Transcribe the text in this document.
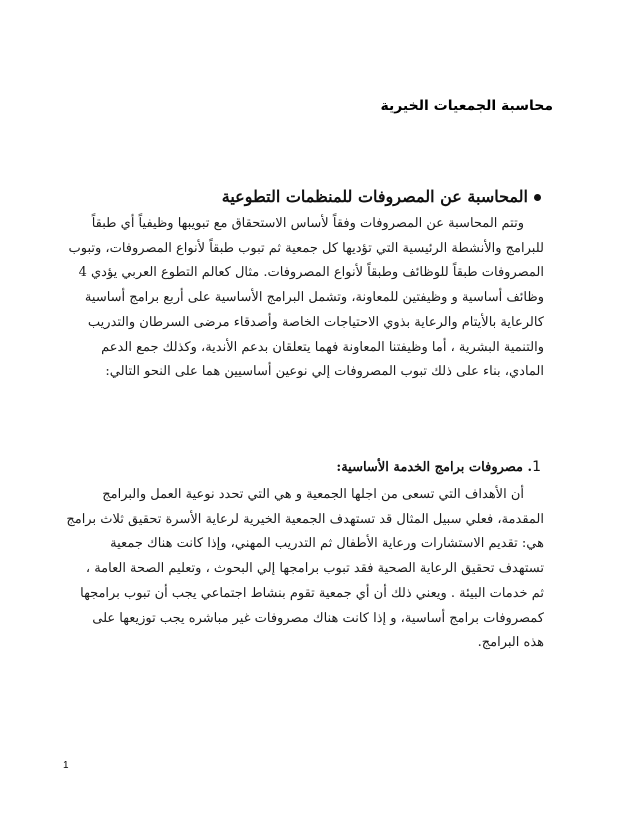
محاسبة الجمعيات الخيرية
المحاسبة عن المصروفات للمنظمات التطوعية
وتتم المحاسبة عن المصروفات وفقاً لأساس الاستحقاق مع تبويبها وظيفياً أي طبقاً
للبرامج والأنشطة الرئيسية التي تؤديها كل جمعية ثم تبوب طبقاً لأنواع المصروفات، وتبوب
المصروفات طبقاً للوظائف وطبقاً لأنواع المصروفات. مثال كعالم التطوع العربي يؤدي 4
وظائف أساسية و وظيفتين للمعاونة، وتشمل البرامج الأساسية على أربع برامج أساسية
كالرعاية بالأيتام والرعاية بذوي الاحتياجات الخاصة وأصدقاء مرضى السرطان والتدريب
والتنمية البشرية ، أما وظيفتنا المعاونة فهما يتعلقان بدعم الأندية، وكذلك جمع الدعم
المادي، بناء على ذلك تبوب المصروفات إلي نوعين أساسيين هما على النحو التالي:
1. مصروفات برامج الخدمة الأساسية:
أن الأهداف التي تسعى من اجلها الجمعية و هي التي تحدد نوعية العمل والبرامج
المقدمة، فعلي سبيل المثال قد تستهدف الجمعية الخيرية لرعاية الأسرة تحقيق ثلاث برامج
هي: تقديم الاستشارات ورعاية الأطفال ثم التدريب المهني، وإذا كانت هناك جمعية
تستهدف تحقيق الرعاية الصحية فقد تبوب برامجها إلي البحوث ، وتعليم الصحة العامة ،
ثم خدمات البيئة . ويعني ذلك أن أي جمعية تقوم بنشاط اجتماعي يجب أن تبوب برامجها
كمصروفات برامج أساسية، و إذا كانت هناك مصروفات غير مباشره يجب توزيعها على
هذه البرامج.
1
